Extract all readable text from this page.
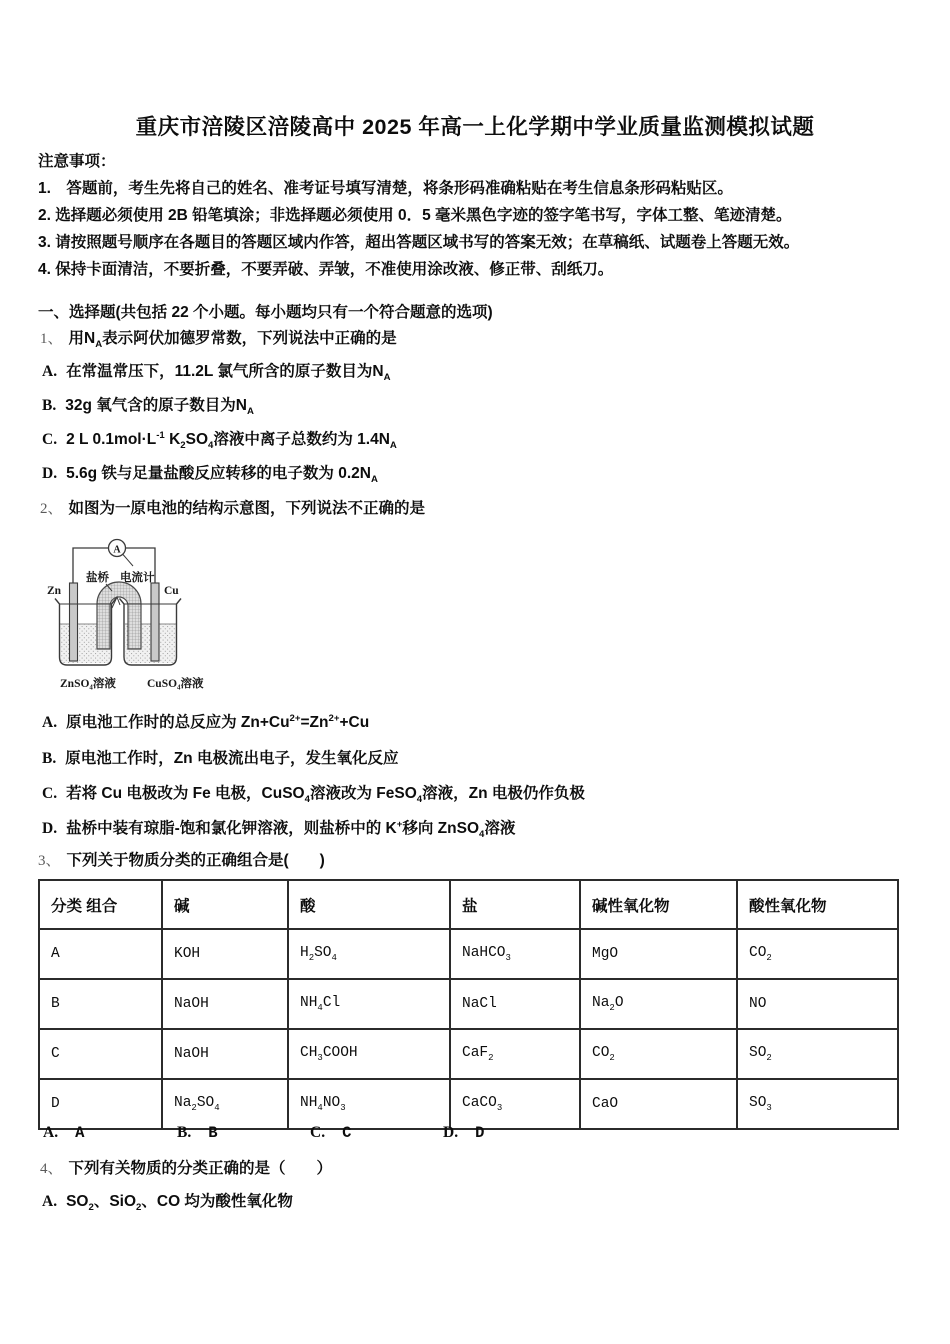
重庆市涪陵区涪陵高中 2025 年高一上化学期中学业质量监测模拟试题
注意事项：
1.　答题前，考生先将自己的姓名、准考证号填写清楚，将条形码准确粘贴在考生信息条形码粘贴区。
2. 选择题必须使用 2B 铅笔填涂；非选择题必须使用 0．5 毫米黑色字迹的签字笔书写，字体工整、笔迹清楚。
3. 请按照题号顺序在各题目的答题区域内作答，超出答题区域书写的答案无效；在草稿纸、试题卷上答题无效。
4. 保持卡面清洁，不要折叠，不要弄破、弄皱，不准使用涂改液、修正带、刮纸刀。
一、选择题(共包括 22 个小题。每小题均只有一个符合题意的选项)
1、 用$N_A$表示阿伏加德罗常数，下列说法中正确的是
A. 在常温常压下，11.2L 氯气所含的原子数目为$N_A$
B. 32g 氧气含的原子数目为$N_A$
C. 2 L $0.1mol\cdot L^{-1}$ $K_2SO_4$溶液中离子总数约为 $1.4N_A$
D. 5.6g 铁与足量盐酸反应转移的电子数为 $0.2N_A$
2、 如图为一原电池的结构示意图，下列说法不正确的是
A
盐桥 电流计
Zn	Cu
ZnSO₄溶液	CuSO₄溶液
A. 原电池工作时的总反应为 $Zn+Cu^{2+}=Zn^{2+}+Cu$
B. 原电池工作时，Zn 电极流出电子，发生氧化反应
C. 若将 Cu 电极改为 Fe 电极，CuSO$_4$溶液改为 FeSO$_4$溶液，Zn 电极仍作负极
D. 盐桥中装有琼脂-饱和氯化钾溶液，则盐桥中的 K+移向 ZnSO$_4$溶液
3、 下列关于物质分类的正确组合是(　　)
分类 组合	碱	酸	盐	碱性氧化物	酸性氧化物
A	KOH	$H_2SO_4$	NaHCO$_3$	MgO	$CO_2$
B	NaOH	$NH_4Cl$	NaCl	$Na_2O$	NO
C	NaOH	$CH_3COOH$	CaF$_2$	$CO_2$	$SO_2$
D	$Na_2SO_4$	$NH_4NO_3$	CaCO$_3$	CaO	$SO_3$
A. A	B. B	C. C	D. D
4、 下列有关物质的分类正确的是（　　）
A. $SO_2$、SiO$_2$、CO 均为酸性氧化物
